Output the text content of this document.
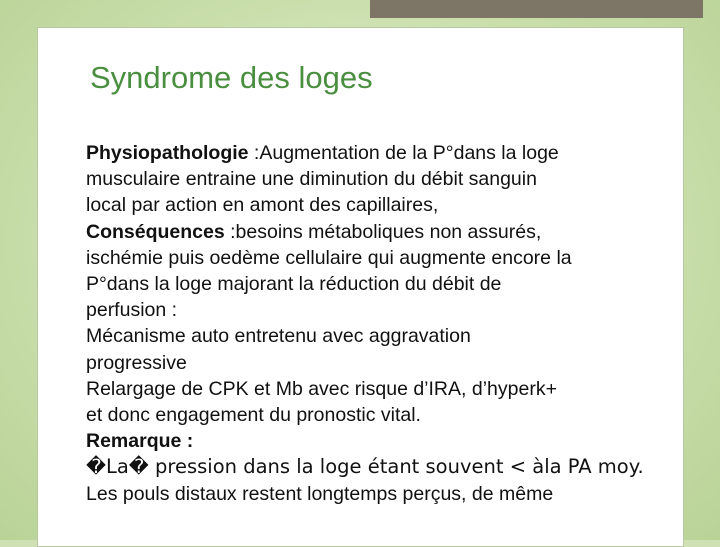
Syndrome des loges
Physiopathologie :Augmentation de la P°dans la loge
musculaire entraine une diminution du débit sanguin
local par action en amont des capillaires,
Conséquences :besoins métaboliques non assurés,
ischémie puis oedème cellulaire qui augmente encore la
P°dans la loge majorant la réduction du débit de
perfusion :
Mécanisme auto entretenu avec aggravation
progressive
Relargage de CPK et Mb avec risque d’IRA, d’hyperk+
et donc engagement du pronostic vital.
Remarque :
�La� pression dans la loge étant souvent < àla PA moy.
Les pouls distaux restent longtemps perçus, de même
